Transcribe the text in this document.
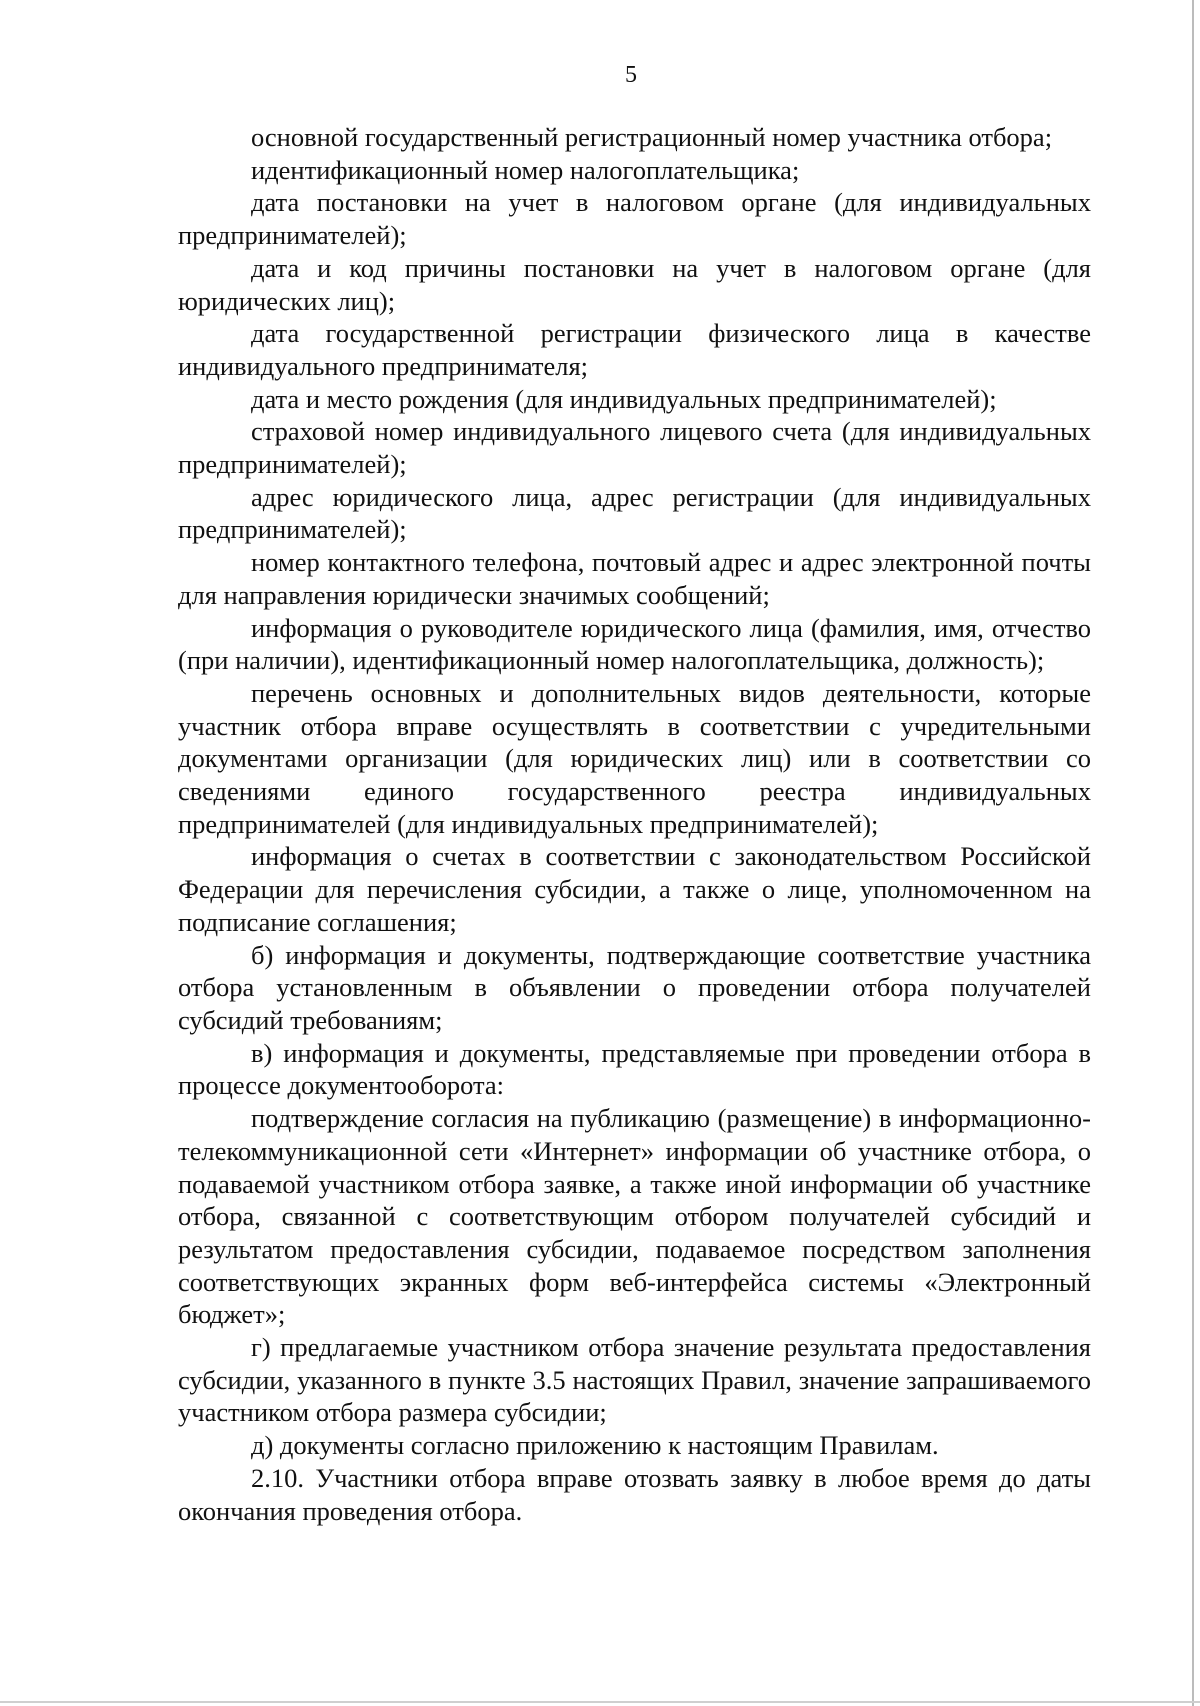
5

основной государственный регистрационный номер участника отбора;

идентификационный номер налогоплательщика;

дата постановки на учет в налоговом органе (для индивидуальных предпринимателей);

дата и код причины постановки на учет в налоговом органе (для юридических лиц);

дата государственной регистрации физического лица в качестве индивидуального предпринимателя;

дата и место рождения (для индивидуальных предпринимателей);

страховой номер индивидуального лицевого счета (для индивидуальных предпринимателей);

адрес юридического лица, адрес регистрации (для индивидуальных предпринимателей);

номер контактного телефона, почтовый адрес и адрес электронной почты для направления юридически значимых сообщений;

информация о руководителе юридического лица (фамилия, имя, отчество (при наличии), идентификационный номер налогоплательщика, должность);

перечень основных и дополнительных видов деятельности, которые участник отбора вправе осуществлять в соответствии с учредительными документами организации (для юридических лиц) или в соответствии со сведениями единого государственного реестра индивидуальных предпринимателей (для индивидуальных предпринимателей);

информация о счетах в соответствии с законодательством Российской Федерации для перечисления субсидии, а также о лице, уполномоченном на подписание соглашения;

б) информация и документы, подтверждающие соответствие участника отбора установленным в объявлении о проведении отбора получателей субсидий требованиям;

в) информация и документы, представляемые при проведении отбора в процессе документооборота:

подтверждение согласия на публикацию (размещение) в информационно-телекоммуникационной сети «Интернет» информации об участнике отбора, о подаваемой участником отбора заявке, а также иной информации об участнике отбора, связанной с соответствующим отбором получателей субсидий и результатом предоставления субсидии, подаваемое посредством заполнения соответствующих экранных форм веб-интерфейса системы «Электронный бюджет»;

г) предлагаемые участником отбора значение результата предоставления субсидии, указанного в пункте 3.5 настоящих Правил, значение запрашиваемого участником отбора размера субсидии;

д) документы согласно приложению к настоящим Правилам.

2.10. Участники отбора вправе отозвать заявку в любое время до даты окончания проведения отбора.
